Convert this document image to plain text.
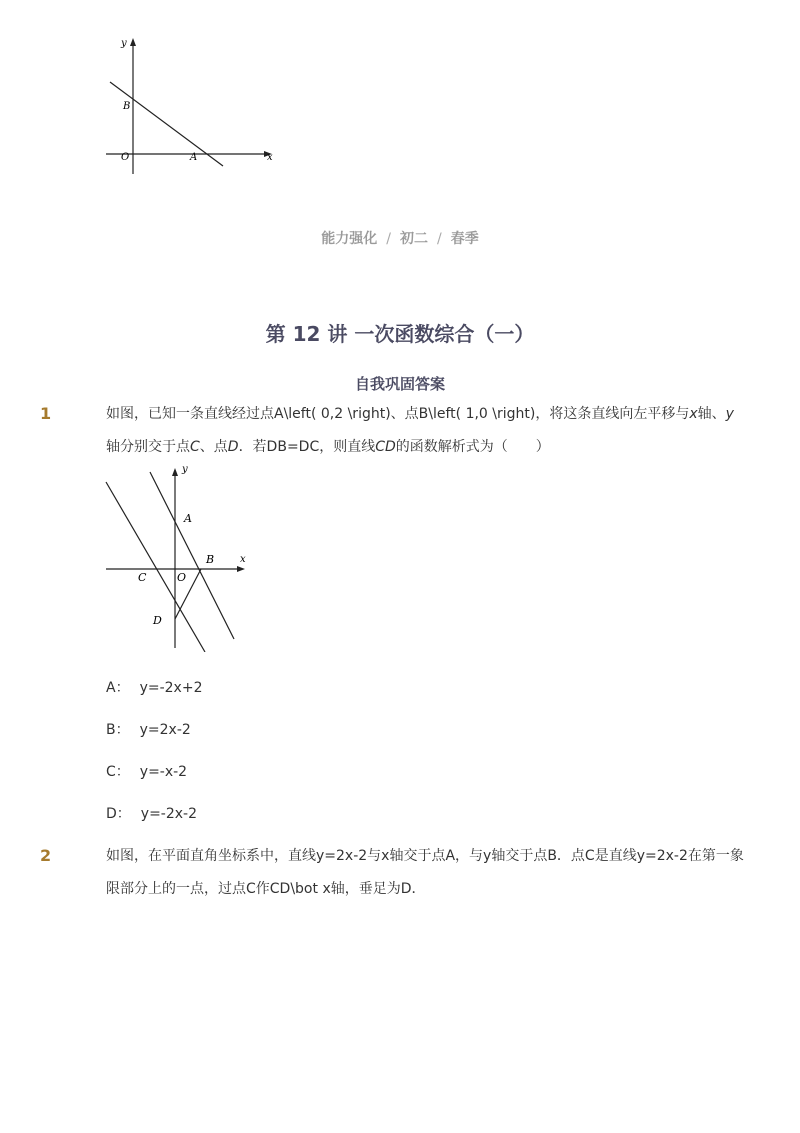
y
x
O
B
A
能力强化 / 初二 / 春季
第 12 讲 一次函数综合（一）
自我巩固答案
1	如图，已知一条直线经过点A\left( 0,2 \right)、点B\left( 1,0 \right)，将这条直线向左平移与x轴、y轴分别交于点C、点D．若DB=DC，则直线CD的函数解析式为（　　）

y
x
A
B
C	O
D
A： y=-2x+2
B： y=2x-2
C： y=-x-2
D： y=-2x-2
2	如图，在平面直角坐标系中，直线y=2x-2与x轴交于点A，与y轴交于点B．点C是直线y=2x-2在第一象限部分上的一点，过点C作CD\bot x轴，垂足为D．
